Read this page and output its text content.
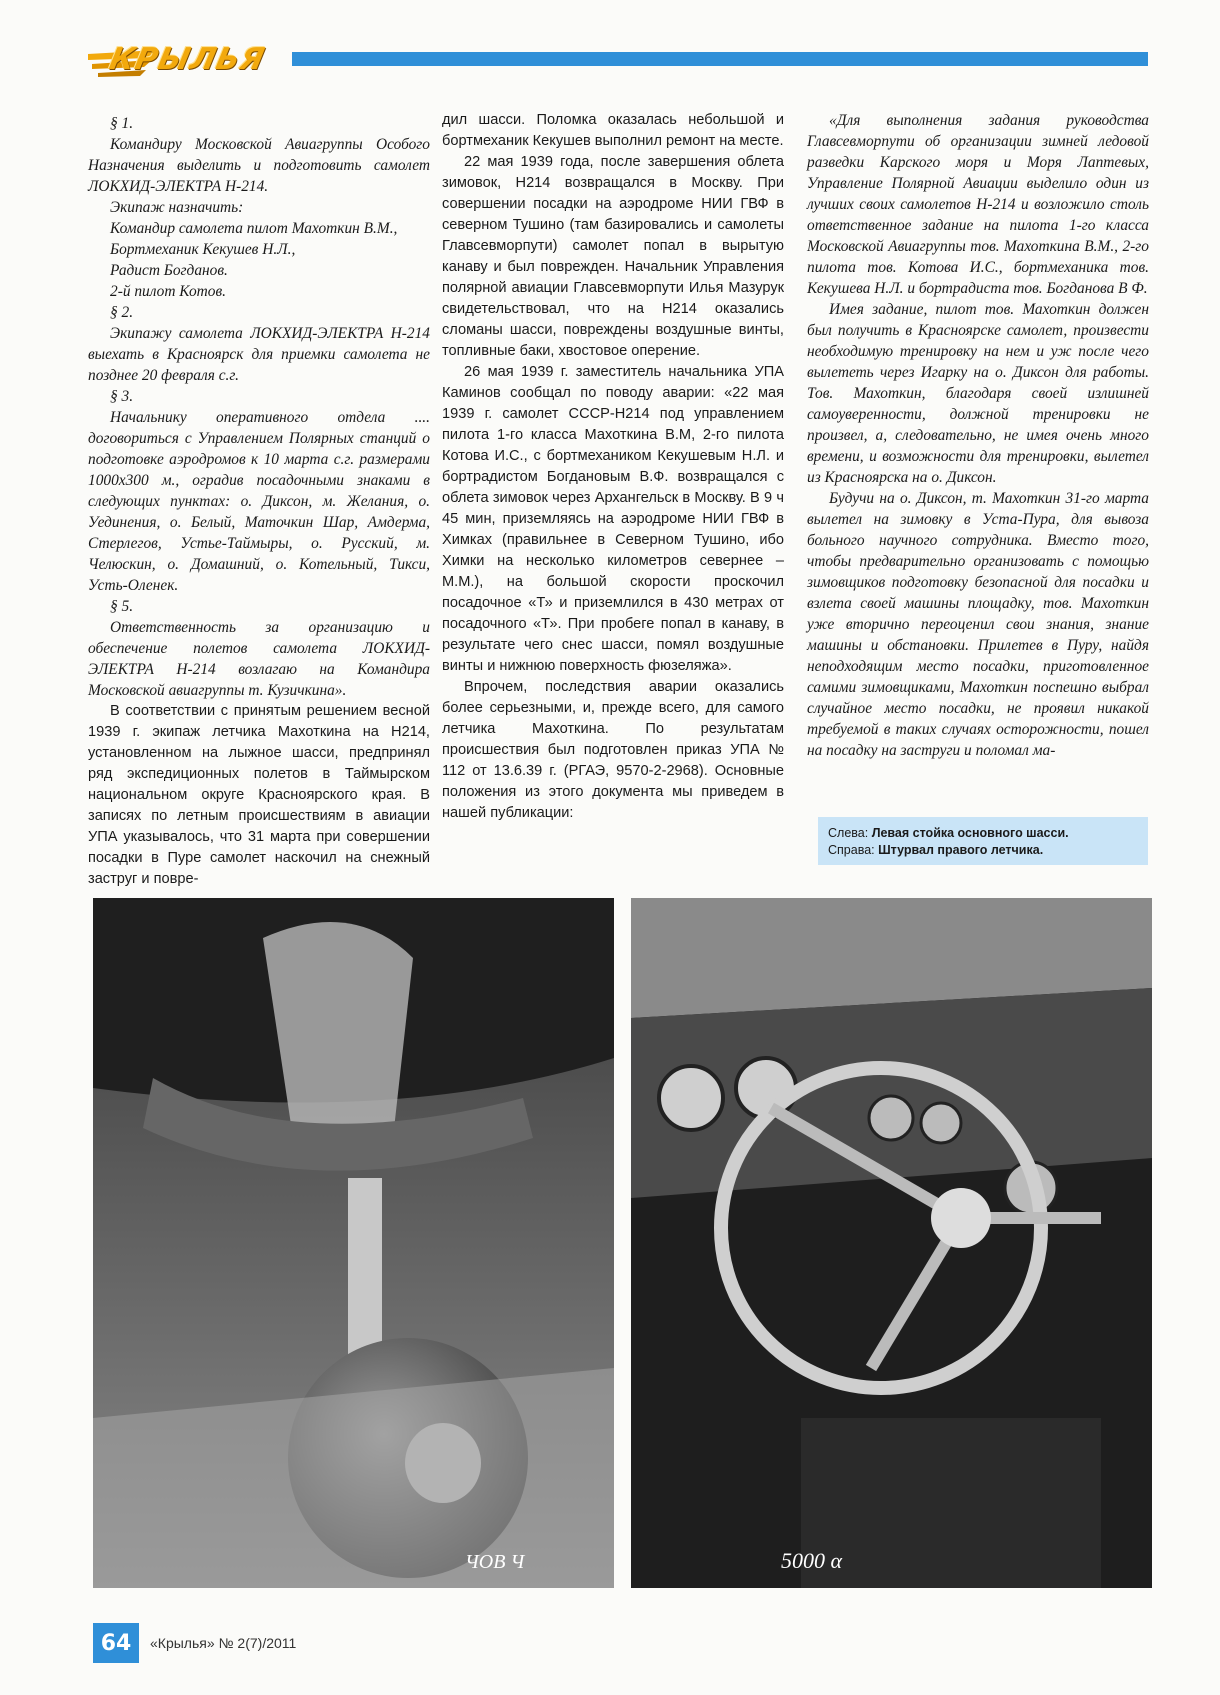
КРЫЛЬЯ

§ 1.

Командиру Московской Авиагруппы Особого Назначения выделить и подготовить самолет ЛОКХИД-ЭЛЕКТРА Н-214.

Экипаж назначить:

Командир самолета пилот Махоткин В.М.,

Бортмеханик Кекушев Н.Л.,

Радист Богданов.

2-й пилот Котов.

§ 2.

Экипажу самолета ЛОКХИД-ЭЛЕКТРА Н-214 выехать в Красноярск для приемки самолета не позднее 20 февраля с.г.

§ 3.

Начальнику оперативного отдела .... договориться с Управлением Полярных станций о подготовке аэродромов к 10 марта с.г. размерами 1000х300 м., оградив посадочными знаками в следующих пунктах: о. Диксон, м. Желания, о. Уединения, о. Белый, Маточкин Шар, Амдерма, Стерлегов, Устье-Таймыры, о. Русский, м. Челюскин, о. Домашний, о. Котельный, Тикси, Усть-Оленек.

§ 5.

Ответственность за организацию и обеспечение полетов самолета ЛОКХИД-ЭЛЕКТРА Н-214 возлагаю на Командира Московской авиагруппы т. Кузичкина».

В соответствии с принятым решением весной 1939 г. экипаж летчика Махоткина на Н214, установленном на лыжное шасси, предпринял ряд экспедиционных полетов в Таймырском национальном округе Красноярского края. В записях по летным происшествиям в авиации УПА указывалось, что 31 марта при совершении посадки в Пуре самолет наскочил на снежный заструг и повре-

дил шасси. Поломка оказалась небольшой и бортмеханик Кекушев выполнил ремонт на месте.

22 мая 1939 года, после завершения облета зимовок, Н214 возвращался в Москву. При совершении посадки на аэродроме НИИ ГВФ в северном Тушино (там базировались и самолеты Главсевморпути) самолет попал в вырытую канаву и был поврежден. Начальник Управления полярной авиации Главсевморпути Илья Мазурук свидетельствовал, что на Н214 оказались сломаны шасси, повреждены воздушные винты, топливные баки, хвостовое оперение.

26 мая 1939 г. заместитель начальника УПА Каминов сообщал по поводу аварии: «22 мая 1939 г. самолет СССР-Н214 под управлением пилота 1-го класса Махоткина В.М, 2-го пилота Котова И.С., с бортмехаником Кекушевым Н.Л. и бортрадистом Богдановым В.Ф. возвращался с облета зимовок через Архангельск в Москву. В 9 ч 45 мин, приземляясь на аэродроме НИИ ГВФ в Химках (правильнее в Северном Тушино, ибо Химки на несколько километров севернее – М.М.), на большой скорости проскочил посадочное «Т» и приземлился в 430 метрах от посадочного «Т». При пробеге попал в канаву, в результате чего снес шасси, помял воздушные винты и нижнюю поверхность фюзеляжа».

Впрочем, последствия аварии оказались более серьезными, и, прежде всего, для самого летчика Махоткина. По результатам происшествия был подготовлен приказ УПА № 112 от 13.6.39 г. (РГАЭ, 9570-2-2968). Основные положения из этого документа мы приведем в нашей публикации:

«Для выполнения задания руководства Главсевморпути об организации зимней ледовой разведки Карского моря и Моря Лаптевых, Управление Полярной Авиации выделило один из лучших своих самолетов Н-214 и возложило столь ответственное задание на пилота 1-го класса Московской Авиагруппы тов. Махоткина В.М., 2-го пилота тов. Котова И.С., бортмеханика тов. Кекушева Н.Л. и бортрадиста тов. Богданова В Ф.

Имея задание, пилот тов. Махоткин должен был получить в Красноярске самолет, произвести необходимую тренировку на нем и уж после чего вылететь через Игарку на о. Диксон для работы. Тов. Махоткин, благодаря своей излишней самоуверенности, должной тренировки не произвел, а, следовательно, не имея очень много времени, и возможности для тренировки, вылетел из Красноярска на о. Диксон.

Будучи на о. Диксон, т. Махоткин 31-го марта вылетел на зимовку в Уста-Пура, для вывоза больного научного сотрудника. Вместо того, чтобы предварительно организовать с помощью зимовщиков подготовку безопасной для посадки и взлета своей машины площадку, тов. Махоткин уже вторично переоценил свои знания, знание машины и обстановки. Прилетев в Пуру, найдя неподходящим место посадки, приготовленное самими зимовщиками, Махоткин поспешно выбрал случайное место посадки, не проявил никакой требуемой в таких случаях осторожности, пошел на посадку на заструги и поломал ма-

Слева: Левая стойка основного шасси.
Справа: Штурвал правого летчика.
ЧОВ Ч	5000 α
64	«Крылья» № 2(7)/2011
